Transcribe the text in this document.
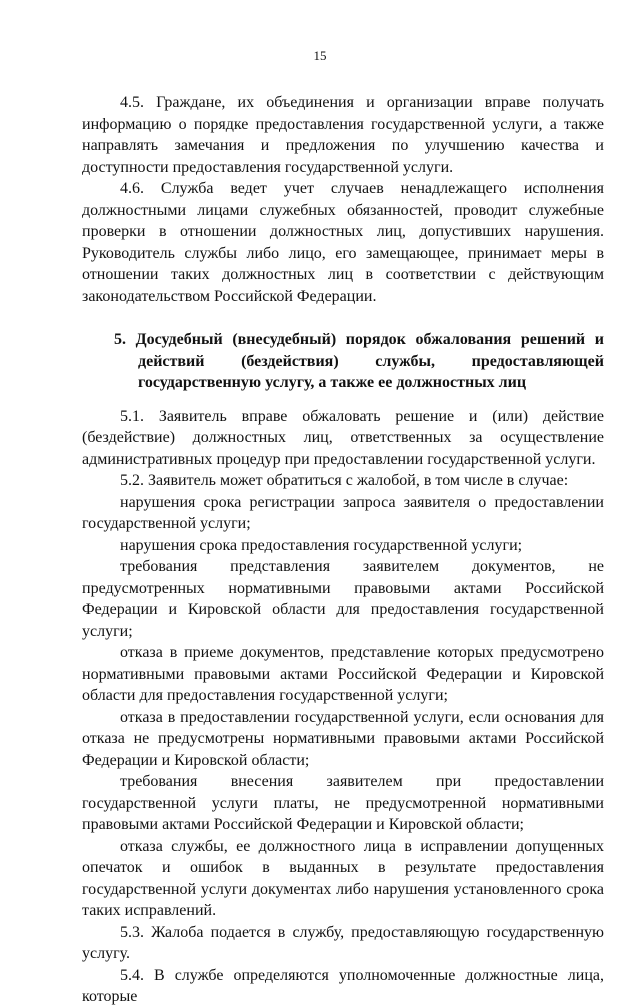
15

4.5. Граждане, их объединения и организации вправе получать информацию о порядке предоставления государственной услуги, а также направлять замечания и предложения по улучшению качества и доступности предоставления государственной услуги.

4.6. Служба ведет учет случаев ненадлежащего исполнения должностными лицами служебных обязанностей, проводит служебные проверки в отношении должностных лиц, допустивших нарушения. Руководитель службы либо лицо, его замещающее, принимает меры в отношении таких должностных лиц в соответствии с действующим законодательством Российской Федерации.

5. Досудебный (внесудебный) порядок обжалования решений и действий (бездействия) службы, предоставляющей государственную услугу, а также ее должностных лиц

5.1. Заявитель вправе обжаловать решение и (или) действие (бездействие) должностных лиц, ответственных за осуществление административных процедур при предоставлении государственной услуги.

5.2. Заявитель может обратиться с жалобой, в том числе в случае:

нарушения срока регистрации запроса заявителя о предоставлении государственной услуги;

нарушения срока предоставления государственной услуги;

требования представления заявителем документов, не предусмотренных нормативными правовыми актами Российской Федерации и Кировской области для предоставления государственной услуги;

отказа в приеме документов, представление которых предусмотрено нормативными правовыми актами Российской Федерации и Кировской области для предоставления государственной услуги;

отказа в предоставлении государственной услуги, если основания для отказа не предусмотрены нормативными правовыми актами Российской Федерации и Кировской области;

требования внесения заявителем при предоставлении государственной услуги платы, не предусмотренной нормативными правовыми актами Российской Федерации и Кировской области;

отказа службы, ее должностного лица в исправлении допущенных опечаток и ошибок в выданных в результате предоставления государственной услуги документах либо нарушения установленного срока таких исправлений.

5.3. Жалоба подается в службу, предоставляющую государственную услугу.

5.4. В службе определяются уполномоченные должностные лица, которые
